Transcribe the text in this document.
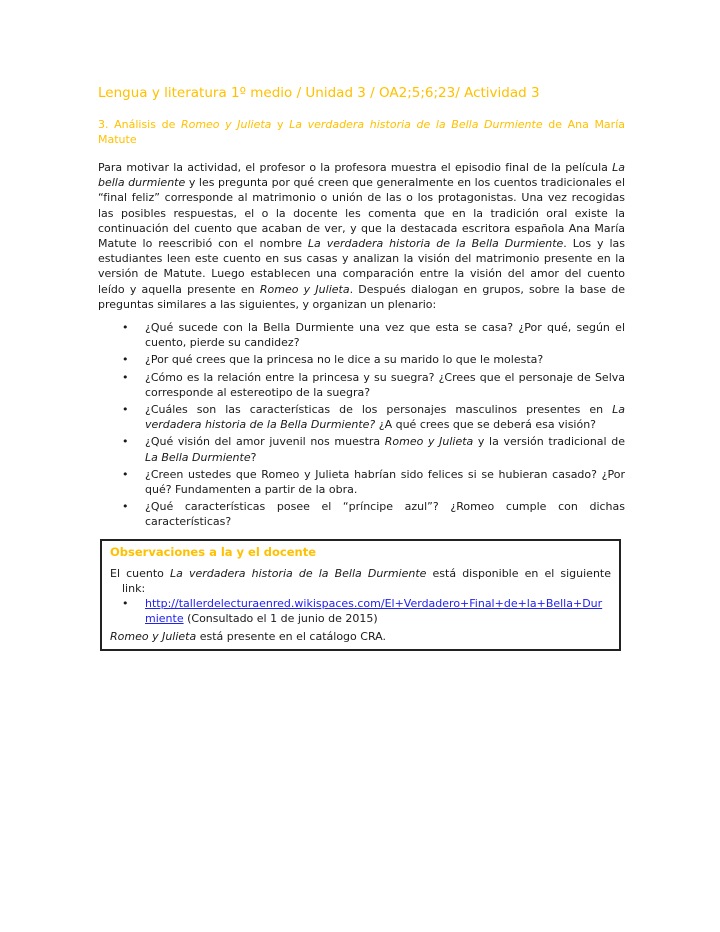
Lengua y literatura 1º medio / Unidad 3 / OA2;5;6;23/ Actividad 3
3. Análisis de Romeo y Julieta y La verdadera historia de la Bella Durmiente de Ana María Matute

Para motivar la actividad, el profesor o la profesora muestra el episodio final de la película La bella durmiente y les pregunta por qué creen que generalmente en los cuentos tradicionales el “final feliz” corresponde al matrimonio o unión de las o los protagonistas. Una vez recogidas las posibles respuestas, el o la docente les comenta que en la tradición oral existe la continuación del cuento que acaban de ver, y que la destacada escritora española Ana María Matute lo reescribió con el nombre La verdadera historia de la Bella Durmiente. Los y las estudiantes leen este cuento en sus casas y analizan la visión del matrimonio presente en la versión de Matute. Luego establecen una comparación entre la visión del amor del cuento leído y aquella presente en Romeo y Julieta. Después dialogan en grupos, sobre la base de preguntas similares a las siguientes, y organizan un plenario:

• ¿Qué sucede con la Bella Durmiente una vez que esta se casa? ¿Por qué, según el cuento, pierde su candidez?
• ¿Por qué crees que la princesa no le dice a su marido lo que le molesta?
• ¿Cómo es la relación entre la princesa y su suegra? ¿Crees que el personaje de Selva corresponde al estereotipo de la suegra?
• ¿Cuáles son las características de los personajes masculinos presentes en La verdadera historia de la Bella Durmiente? ¿A qué crees que se deberá esa visión?
• ¿Qué visión del amor juvenil nos muestra Romeo y Julieta y la versión tradicional de La Bella Durmiente?
• ¿Creen ustedes que Romeo y Julieta habrían sido felices si se hubieran casado? ¿Por qué? Fundamenten a partir de la obra.
• ¿Qué características posee el “príncipe azul”? ¿Romeo cumple con dichas características?
Observaciones a la y el docente
El cuento La verdadera historia de la Bella Durmiente está disponible en el siguiente
link:
• http://tallerdelecturaenred.wikispaces.com/El+Verdadero+Final+de+la+Bella+Durmiente (Consultado el 1 de junio de 2015)
Romeo y Julieta está presente en el catálogo CRA.
